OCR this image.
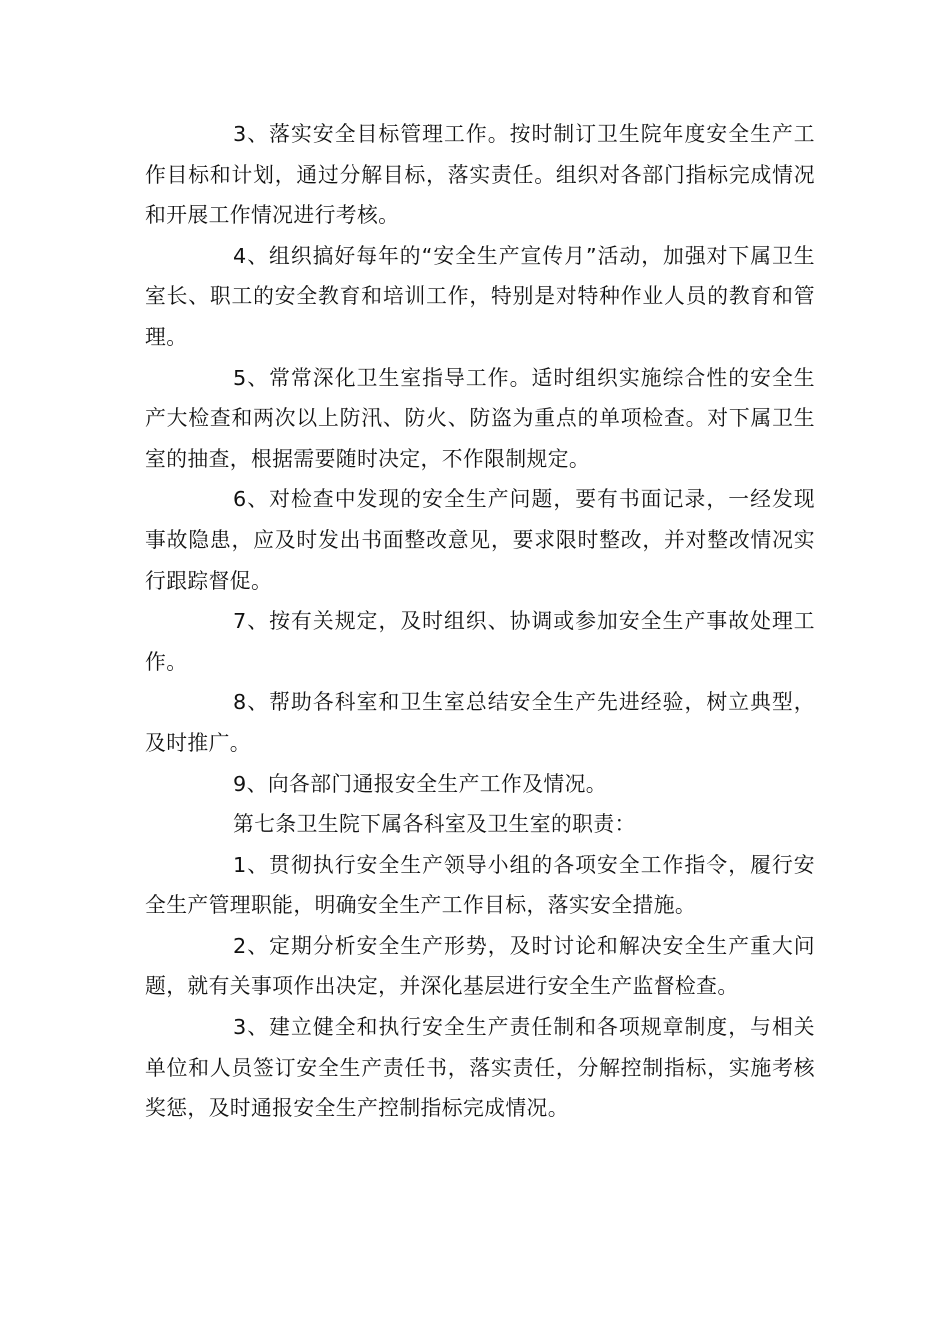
3、落实安全目标管理工作。按时制订卫生院年度安全生产工作目标和计划，通过分解目标，落实责任。组织对各部门指标完成情况和开展工作情况进行考核。

4、组织搞好每年的“安全生产宣传月”活动，加强对下属卫生室长、职工的安全教育和培训工作，特别是对特种作业人员的教育和管理。

5、常常深化卫生室指导工作。适时组织实施综合性的安全生产大检查和两次以上防汛、防火、防盗为重点的单项检查。对下属卫生室的抽查，根据需要随时决定，不作限制规定。

6、对检查中发现的安全生产问题，要有书面记录，一经发现事故隐患，应及时发出书面整改意见，要求限时整改，并对整改情况实行跟踪督促。

7、按有关规定，及时组织、协调或参加安全生产事故处理工作。

8、帮助各科室和卫生室总结安全生产先进经验，树立典型，及时推广。

9、向各部门通报安全生产工作及情况。

第七条卫生院下属各科室及卫生室的职责：

1、贯彻执行安全生产领导小组的各项安全工作指令，履行安全生产管理职能，明确安全生产工作目标，落实安全措施。

2、定期分析安全生产形势，及时讨论和解决安全生产重大问题，就有关事项作出决定，并深化基层进行安全生产监督检查。

3、建立健全和执行安全生产责任制和各项规章制度，与相关单位和人员签订安全生产责任书，落实责任，分解控制指标，实施考核奖惩，及时通报安全生产控制指标完成情况。
